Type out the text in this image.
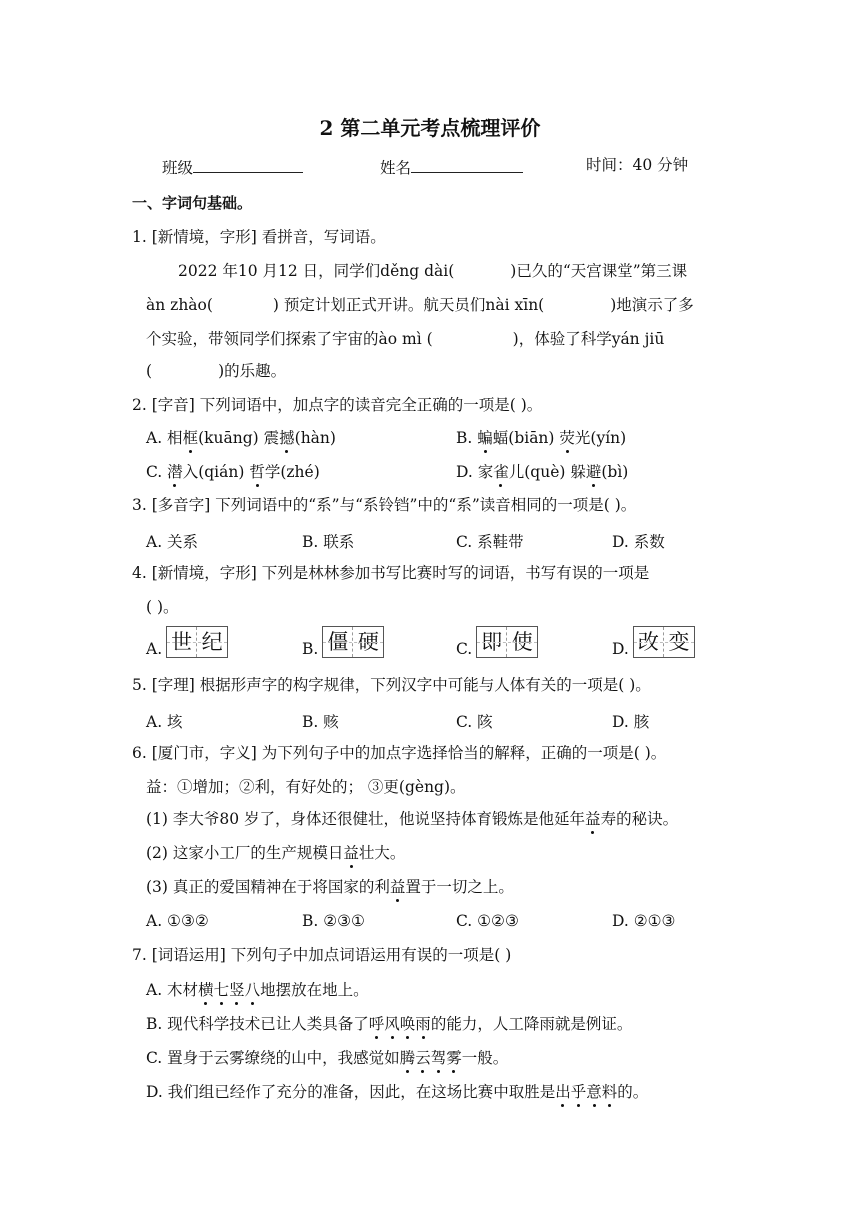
2 第二单元考点梳理评价
班级	姓名	时间：40 分钟
一、字词句基础。
1. [新情境，字形] 看拼音，写词语。
2022 年10 月12 日，同学们děng dài(	)已久的“天宫课堂”第三课
àn zhào(	) 预定计划正式开讲。航天员们nài xīn(	)地演示了多
个实验，带领同学们探索了宇宙的ào mì (	)，体验了科学yán jiū
(	)的乐趣。
2. [字音] 下列词语中，加点字的读音完全正确的一项是( )。
A. 相框(kuāng) 震撼(hàn)	B. 蝙蝠(biān) 荧光(yín)
C. 潜入(qián) 哲学(zhé)	D. 家雀儿(què) 躲避(bì)
3. [多音字] 下列词语中的“系”与“系铃铛”中的“系”读音相同的一项是( )。
A. 关系	B. 联系	C. 系鞋带	D. 系数
4. [新情境，字形] 下列是林林参加书写比赛时写的词语，书写有误的一项是
( )。
A. 世 纪	B. 僵 硬	C. 即 使	D. 改 变
5. [字理] 根据形声字的构字规律，下列汉字中可能与人体有关的一项是( )。
A. 垓	B. 赅	C. 陔	D. 胲
6. [厦门市，字义] 为下列句子中的加点字选择恰当的解释，正确的一项是( )。
益：①增加；②利，有好处的； ③更(gèng)。
(1) 李大爷80 岁了，身体还很健壮，他说坚持体育锻炼是他延年益寿的秘诀。
(2) 这家小工厂的生产规模日益壮大。
(3) 真正的爱国精神在于将国家的利益置于一切之上。
A. ①③②	B. ②③①	C. ①②③	D. ②①③
7. [词语运用] 下列句子中加点词语运用有误的一项是( )
A. 木材横七竖八地摆放在地上。
B. 现代科学技术已让人类具备了呼风唤雨的能力，人工降雨就是例证。
C. 置身于云雾缭绕的山中，我感觉如腾云驾雾一般。
D. 我们组已经作了充分的准备，因此，在这场比赛中取胜是出乎意料的。
